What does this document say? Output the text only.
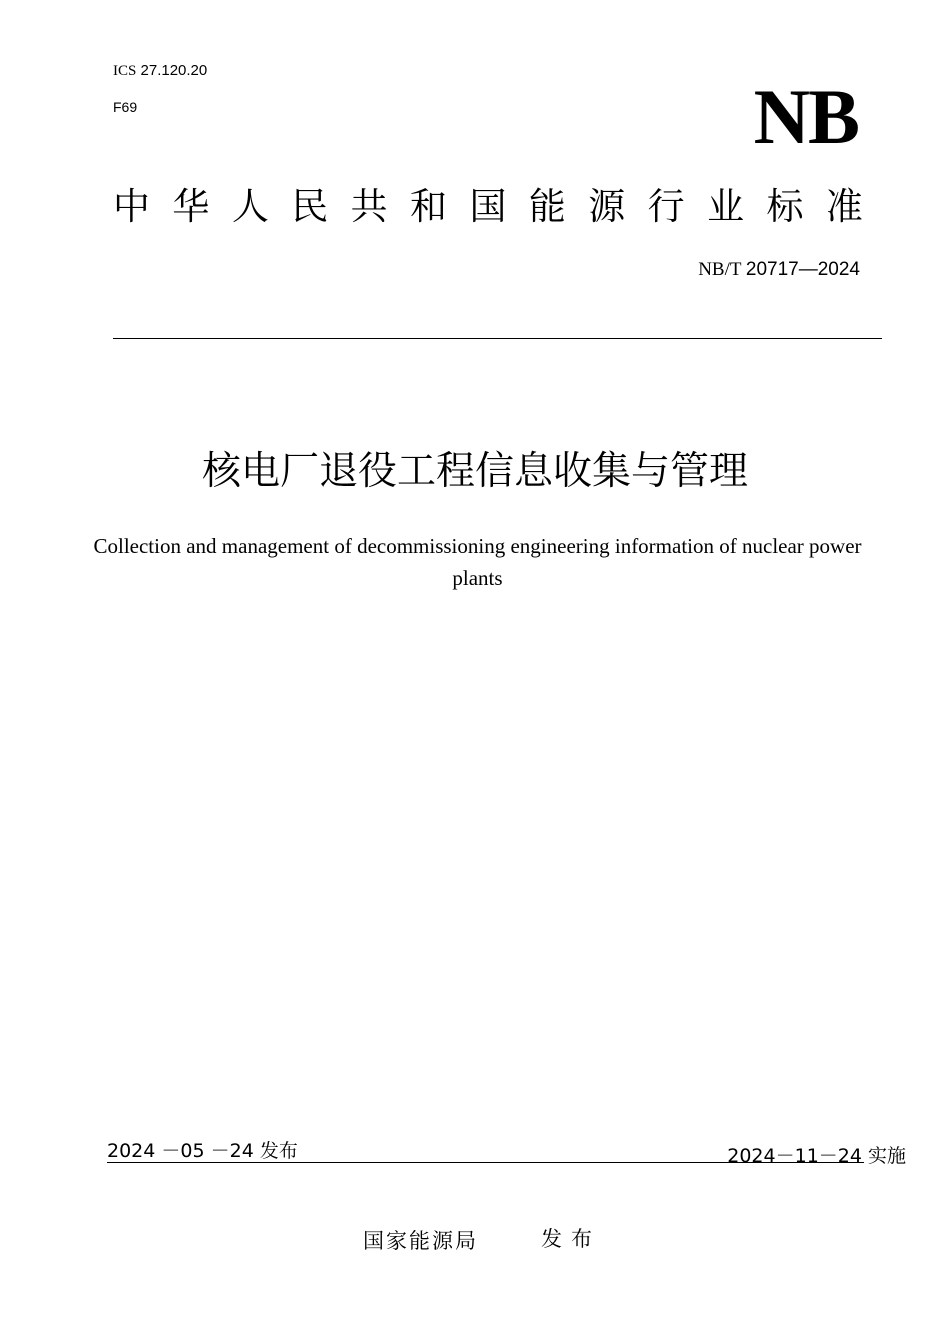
ICS 27.120.20
F69	NB
中 华 人 民 共 和 国 能 源 行 业 标 准
NB/T 20717—2024
核电厂退役工程信息收集与管理
Collection and management of decommissioning engineering information of nuclear power plants
2024 －05 －24 发布	2024－11－24 实施
国家能源局	发布
